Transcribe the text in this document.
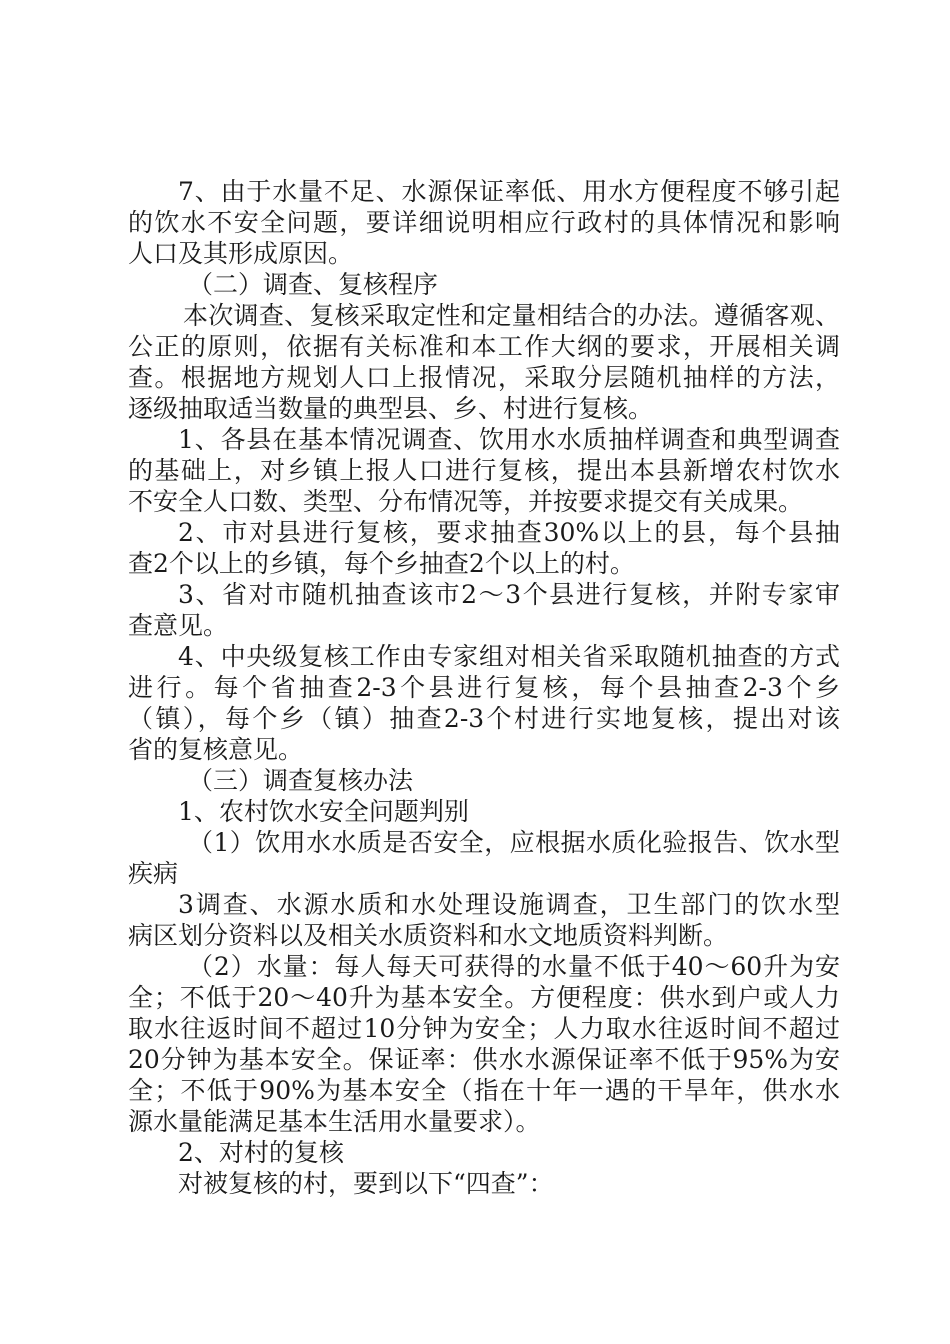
7、由于水量不足、水源保证率低、用水方便程度不够引起
的饮水不安全问题，要详细说明相应行政村的具体情况和影响
人口及其形成原因。
（二）调查、复核程序
本次调查、复核采取定性和定量相结合的办法。遵循客观、
公正的原则，依据有关标准和本工作大纲的要求，开展相关调
查。根据地方规划人口上报情况，采取分层随机抽样的方法，
逐级抽取适当数量的典型县、乡、村进行复核。
1、各县在基本情况调查、饮用水水质抽样调查和典型调查
的基础上，对乡镇上报人口进行复核，提出本县新增农村饮水
不安全人口数、类型、分布情况等，并按要求提交有关成果。
2、市对县进行复核，要求抽查30%以上的县，每个县抽
查2个以上的乡镇，每个乡抽查2个以上的村。
3、省对市随机抽查该市2～3个县进行复核，并附专家审
查意见。
4、中央级复核工作由专家组对相关省采取随机抽查的方式
进行。每个省抽查2-3个县进行复核，每个县抽查2-3个乡
（镇），每个乡（镇）抽查2-3个村进行实地复核，提出对该
省的复核意见。
（三）调查复核办法
1、农村饮水安全问题判别
（1）饮用水水质是否安全，应根据水质化验报告、饮水型
疾病
3调查、水源水质和水处理设施调查，卫生部门的饮水型
病区划分资料以及相关水质资料和水文地质资料判断。
（2）水量：每人每天可获得的水量不低于40～60升为安
全；不低于20～40升为基本安全。方便程度：供水到户或人力
取水往返时间不超过10分钟为安全；人力取水往返时间不超过
20分钟为基本安全。保证率：供水水源保证率不低于95%为安
全；不低于90%为基本安全（指在十年一遇的干旱年，供水水
源水量能满足基本生活用水量要求）。
2、对村的复核
对被复核的村，要到以下“四查”：
